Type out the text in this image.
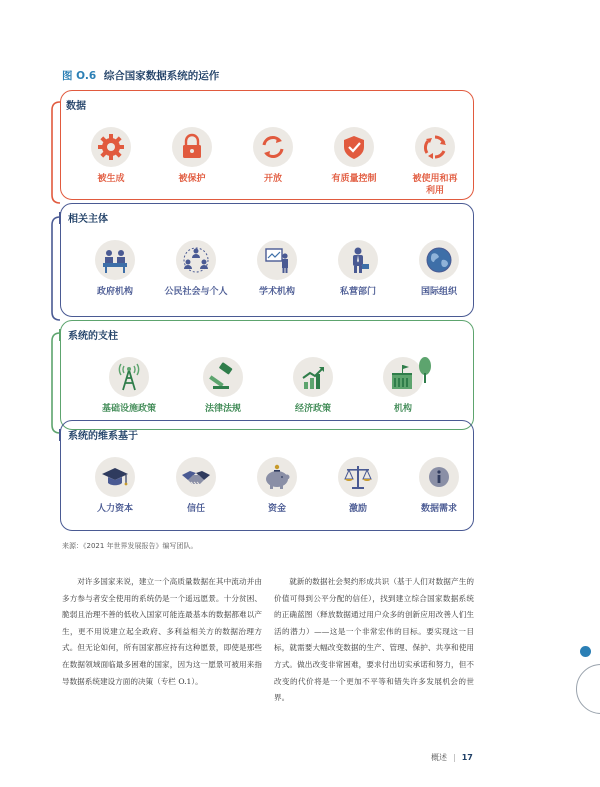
图 O.6 综合国家数据系统的运作
数据
被生成	被保护	开放	有质量控制	被使用和再利用
相关主体
政府机构	公民社会与个人	学术机构	私营部门	国际组织
系统的支柱
基础设施政策	法律法规	经济政策	机构
系统的维系基于
人力资本	信任	资金	激励	数据需求
来源：《2021 年世界发展报告》编写团队。

对许多国家来说，建立一个高质量数据在其中流动并由多方参与者安全使用的系统仍是一个遥远愿景。十分贫困、脆弱且治理不善的低收入国家可能连最基本的数据都难以产生，更不用说建立起全政府、多利益相关方的数据治理方式。但无论如何，所有国家都应持有这种愿景，即使是那些在数据领域面临最多困难的国家，因为这一愿景可被用来指导数据系统建设方面的决策（专栏 O.1）。

就新的数据社会契约形成共识（基于人们对数据产生的价值可得到公平分配的信任），找到建立综合国家数据系统的正确蓝图（释放数据通过用户众多的创新应用改善人们生活的潜力）——这是一个非常宏伟的目标。要实现这一目标，就需要大幅改变数据的生产、管理、保护、共享和使用方式。做出改变非常困难，要求付出切实承诺和努力，但不改变的代价将是一个更加不平等和错失许多发展机会的世界。

概述 | 17
